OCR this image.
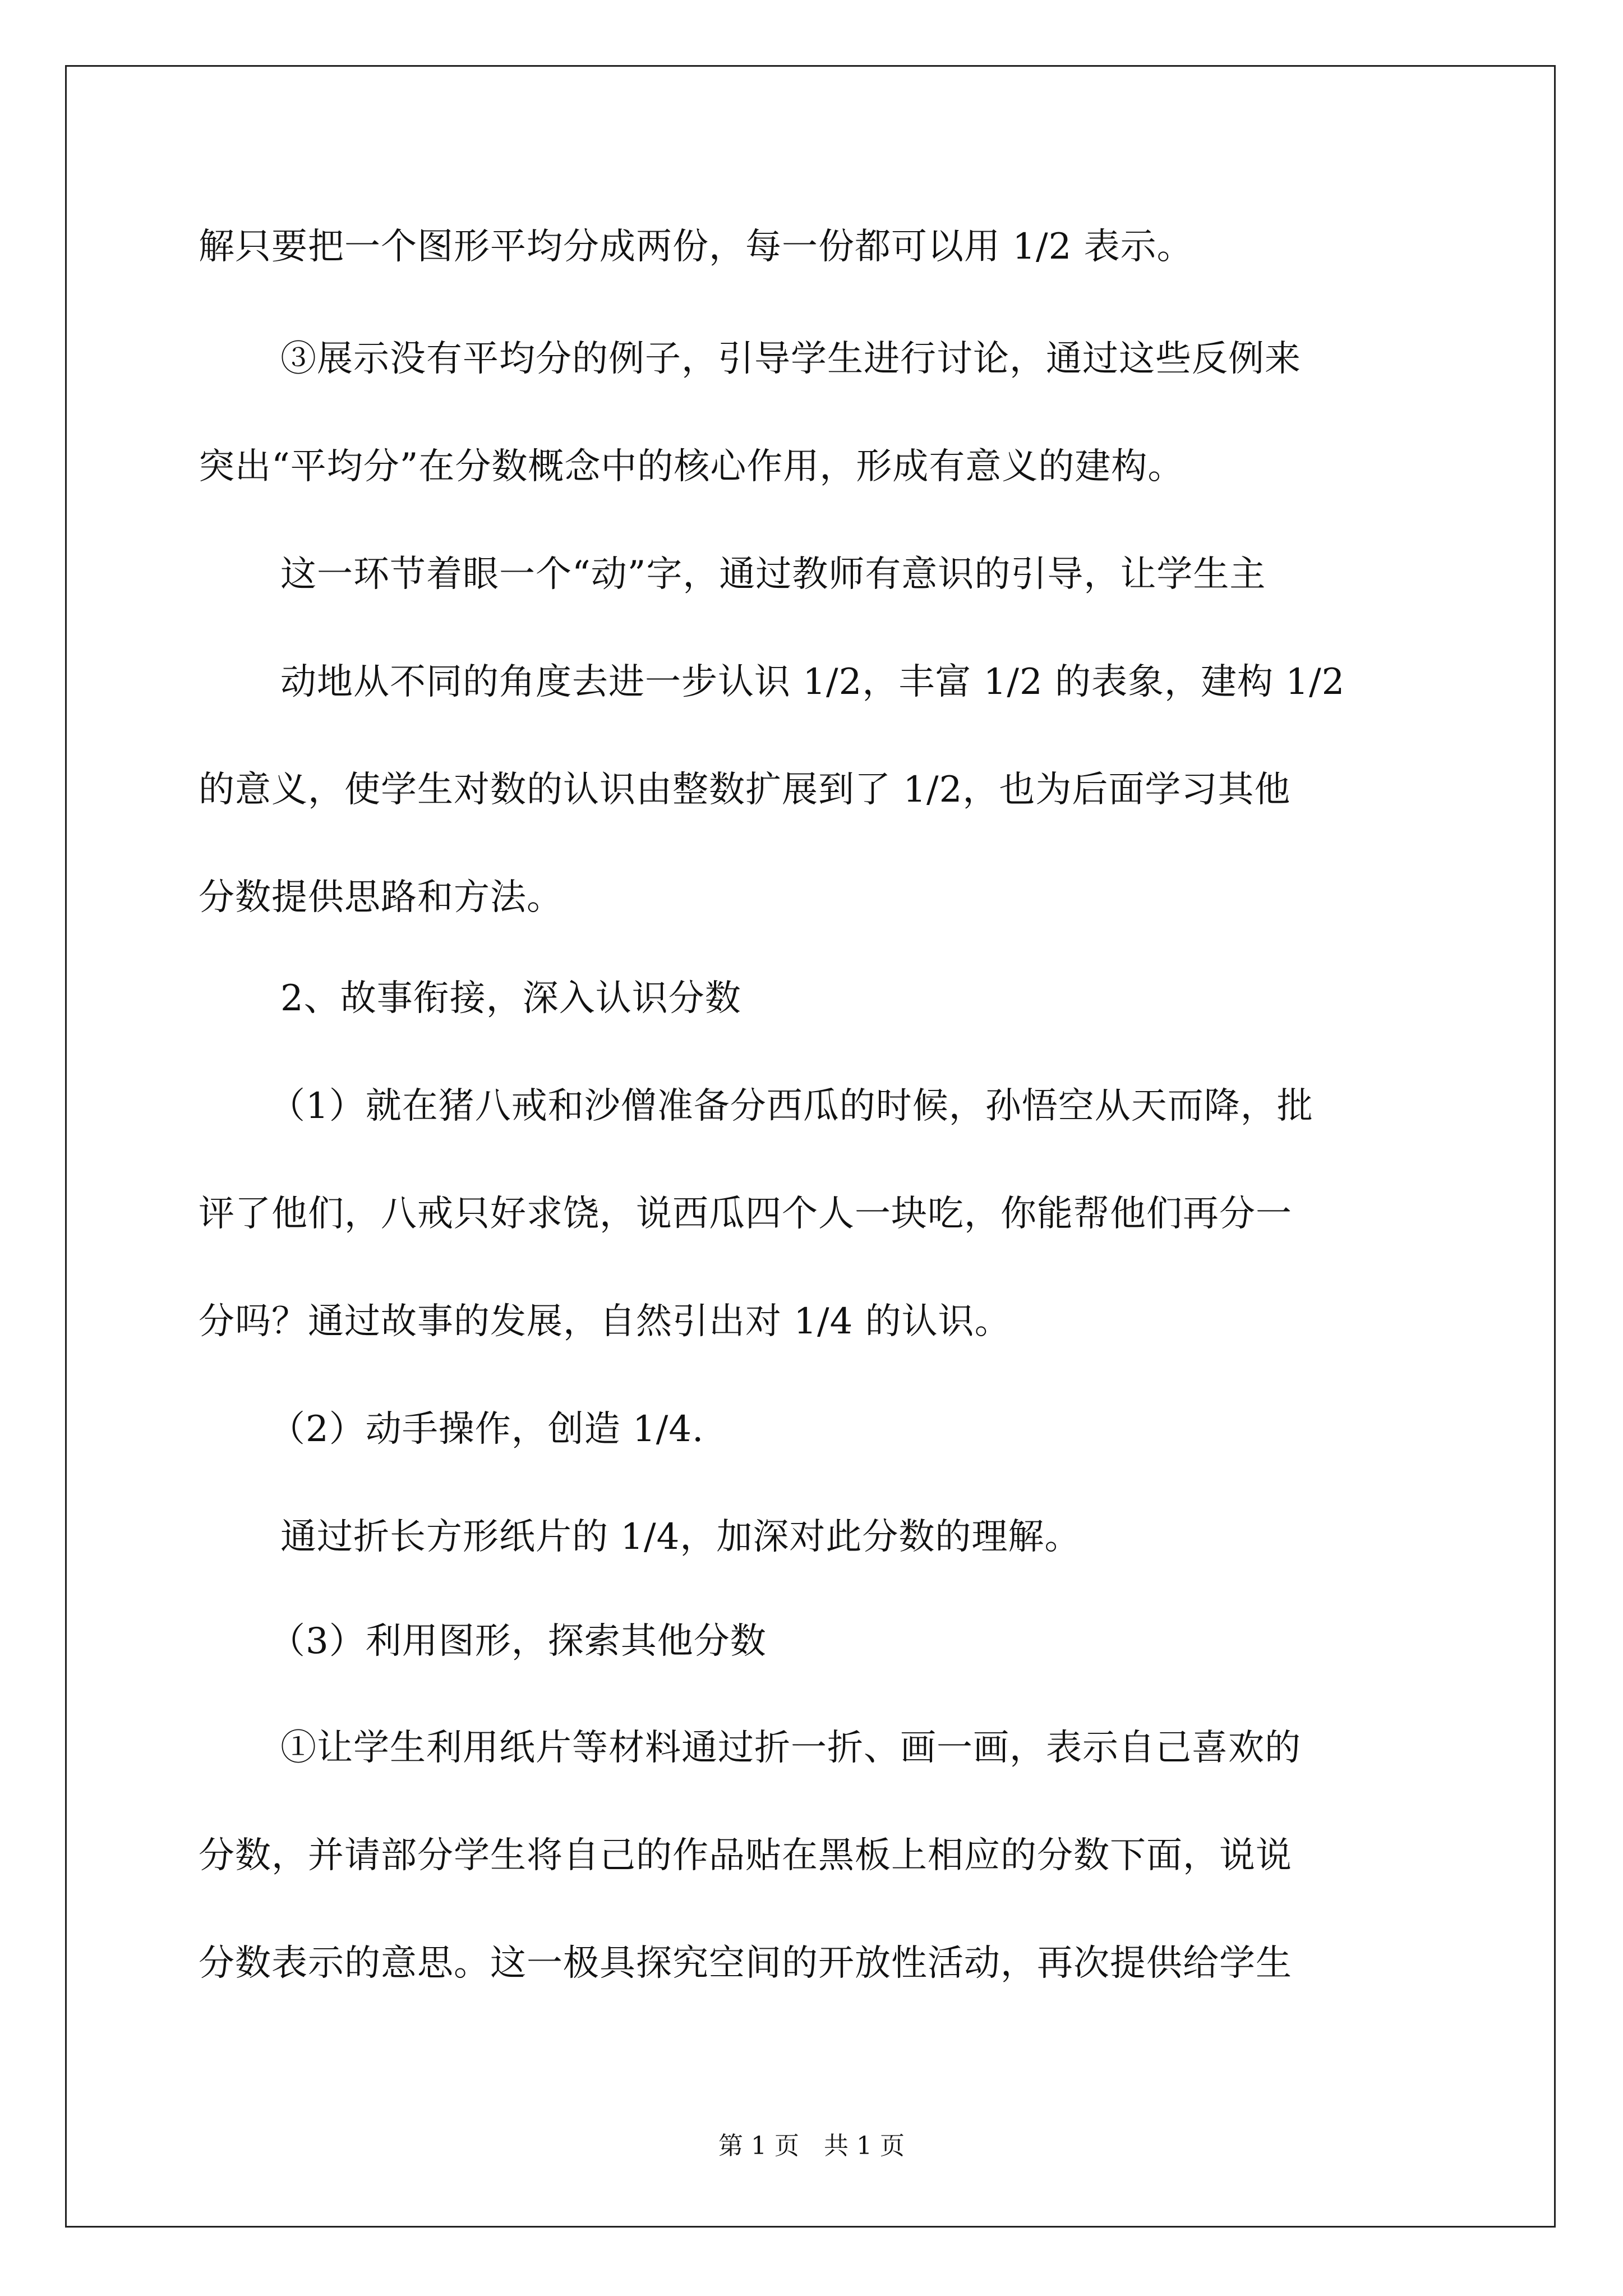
解只要把一个图形平均分成两份，每一份都可以用 1/2 表示。
③展示没有平均分的例子，引导学生进行讨论，通过这些反例来
突出“平均分”在分数概念中的核心作用，形成有意义的建构。
这一环节着眼一个“动”字，通过教师有意识的引导，让学生主
动地从不同的角度去进一步认识 1/2，丰富 1/2 的表象，建构 1/2
的意义，使学生对数的认识由整数扩展到了 1/2，也为后面学习其他
分数提供思路和方法。
2、故事衔接，深入认识分数
（1）就在猪八戒和沙僧准备分西瓜的时候，孙悟空从天而降，批
评了他们，八戒只好求饶，说西瓜四个人一块吃，你能帮他们再分一
分吗？通过故事的发展，自然引出对 1/4 的认识。
（2）动手操作，创造 1/4.
通过折长方形纸片的 1/4，加深对此分数的理解。
（3）利用图形，探索其他分数
①让学生利用纸片等材料通过折一折、画一画，表示自己喜欢的
分数，并请部分学生将自己的作品贴在黑板上相应的分数下面，说说
分数表示的意思。这一极具探究空间的开放性活动，再次提供给学生
第 1 页　共 1 页
